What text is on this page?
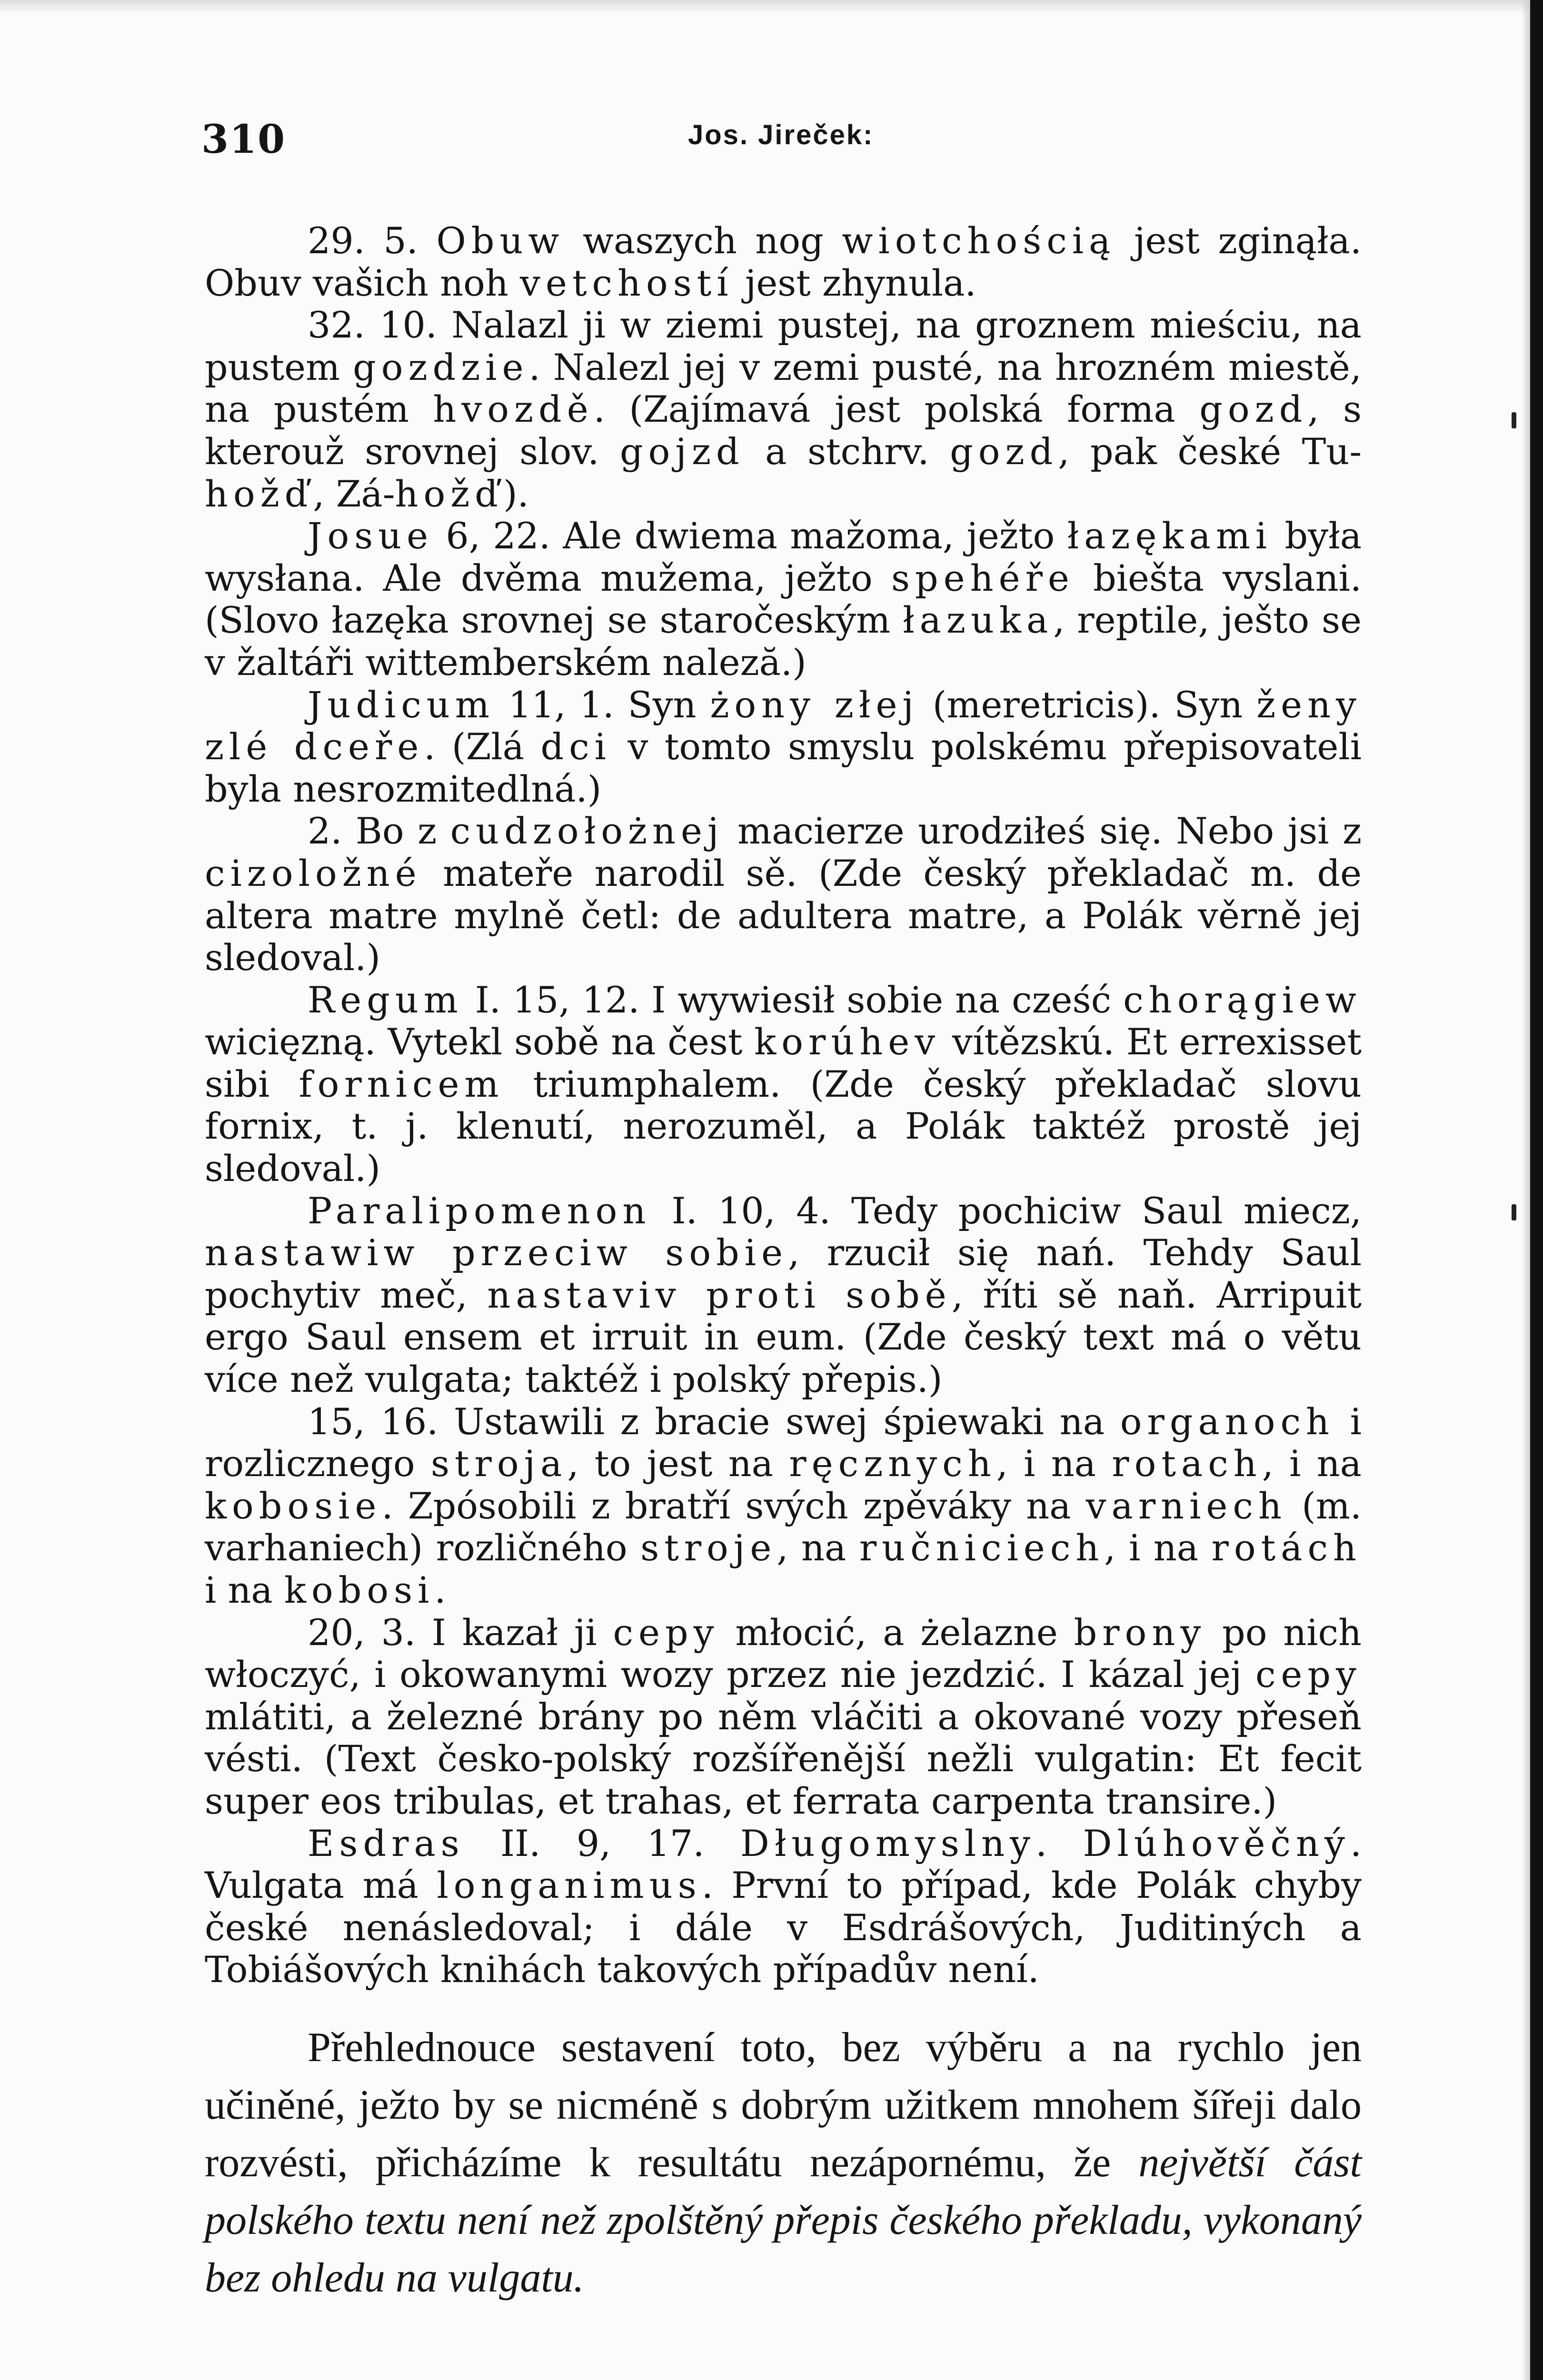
310	Jos. Jireček:

29. 5. Obuw waszych nog wiotchością jest zginąła. Obuv vašich noh vetchostí jest zhynula.

32. 10. Nalazl ji w ziemi pustej, na groznem mieściu, na pustem gozdzie. Nalezl jej v zemi pusté, na hrozném miestě, na pustém hvozdě. (Zajímavá jest polská forma gozd, s kterouž srovnej slov. gojzd a stchrv. gozd, pak české Tu-hožď, Zá-hožď).

Josue 6, 22. Ale dwiema mažoma, ježto łazękami była wysłana. Ale dvěma mužema, ježto spehéře biešta vyslani. (Slovo łazęka srovnej se staročeským łazuka, reptile, ješto se v žaltáři wittemberském naleză.)

Judicum 11, 1. Syn żony złej (meretricis). Syn ženy zlé dceře. (Zlá dci v tomto smyslu polskému přepisovateli byla nesrozmitedlná.)

2. Bo z cudzołożnej macierze urodziłeś się. Nebo jsi z cizoložné mateře narodil sě. (Zde český překladač m. de altera matre mylně četl: de adultera matre, a Polák věrně jej sledoval.)

Regum I. 15, 12. I wywiesił sobie na cześć chorągiew wicięzną. Vytekl sobě na čest korúhev vítězskú. Et errexisset sibi fornicem triumphalem. (Zde český překladač slovu fornix, t. j. klenutí, nerozuměl, a Polák taktéž prostě jej sledoval.)

Paralipomenon I. 10, 4. Tedy pochiciw Saul miecz, nastawiw przeciw sobie, rzucił się nań. Tehdy Saul pochytiv meč, nastaviv proti sobě, říti sě naň. Arripuit ergo Saul ensem et irruit in eum. (Zde český text má o větu více než vulgata; taktéž i polský přepis.)

15, 16. Ustawili z bracie swej śpiewaki na organoch i rozlicznego stroja, to jest na ręcznych, i na rotach, i na kobosie. Zpósobili z bratří svých zpěváky na varniech (m. varhaniech) rozličného stroje, na ručniciech, i na rotách i na kobosi.

20, 3. I kazał ji cepy młocić, a żelazne brony po nich włoczyć, i okowanymi wozy przez nie jezdzić. I kázal jej cepy mlátiti, a železné brány po něm vláčiti a okované vozy přeseň vésti. (Text česko-polský rozšířenější nežli vulgatin: Et fecit super eos tribulas, et trahas, et ferrata carpenta transire.)

Esdras II. 9, 17. Długomyslny. Dlúhověčný. Vulgata má longanimus. První to případ, kde Polák chyby české nenásledoval; i dále v Esdrášových, Juditiných a Tobiášových knihách takových případův není.

Přehlednouce sestavení toto, bez výběru a na rychlo jen učiněné, ježto by se nicméně s dobrým užitkem mnohem šířeji dalo rozvésti, přicházíme k resultátu nezápornému, že největší část polského textu není než zpolštěný přepis českého překladu, vykonaný bez ohledu na vulgatu.
